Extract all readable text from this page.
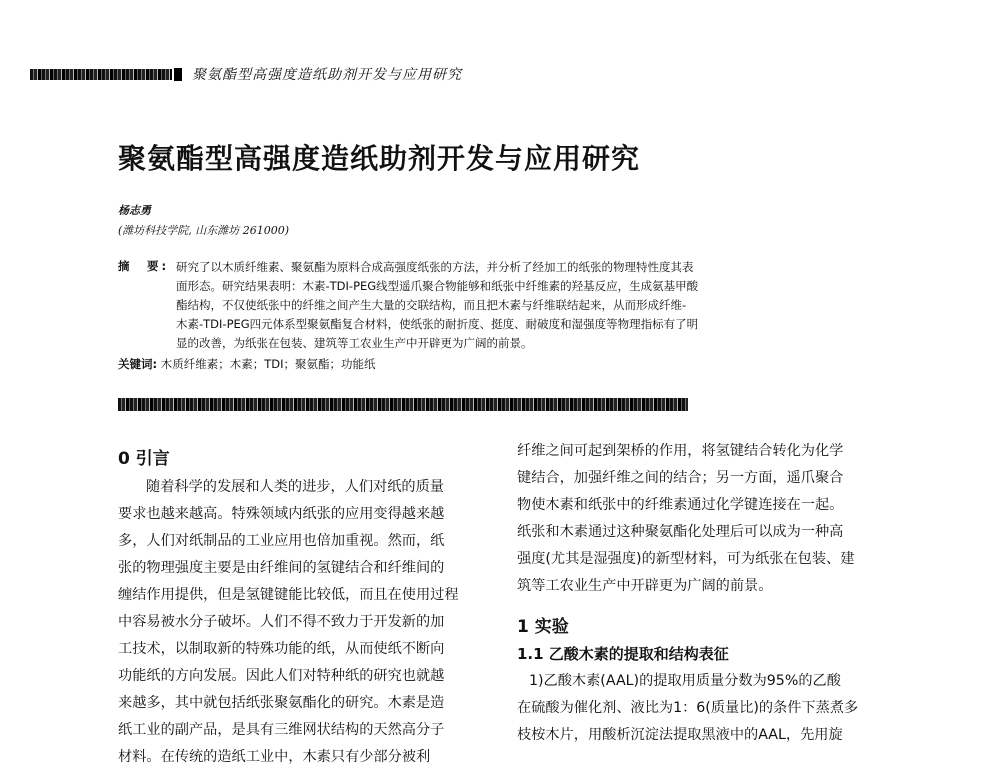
聚氨酯型高强度造纸助剂开发与应用研究
聚氨酯型高强度造纸助剂开发与应用研究
杨志勇
(潍坊科技学院, 山东潍坊 261000)
摘　要: 研究了以木质纤维素、聚氨酯为原料合成高强度纸张的方法，并分析了经加工的纸张的物理特性度其表
面形态。研究结果表明：木素-TDI-PEG线型遥爪聚合物能够和纸张中纤维素的羟基反应，生成氨基甲酸
酯结构，不仅使纸张中的纤维之间产生大量的交联结构，而且把木素与纤维联结起来，从而形成纤维-
木素-TDI-PEG四元体系型聚氨酯复合材料，使纸张的耐折度、挺度、耐破度和湿强度等物理指标有了明
显的改善，为纸张在包装、建筑等工农业生产中开辟更为广阔的前景。
关键词: 木质纤维素；木素；TDI；聚氨酯；功能纸
0 引言
随着科学的发展和人类的进步，人们对纸的质量
要求也越来越高。特殊领域内纸张的应用变得越来越
多，人们对纸制品的工业应用也倍加重视。然而，纸
张的物理强度主要是由纤维间的氢键结合和纤维间的
缠结作用提供，但是氢键键能比较低，而且在使用过程
中容易被水分子破坏。人们不得不致力于开发新的加
工技术，以制取新的特殊功能的纸，从而使纸不断向
功能纸的方向发展。因此人们对特种纸的研究也就越
来越多，其中就包括纸张聚氨酯化的研究。木素是造
纸工业的副产品，是具有三维网状结构的天然高分子
材料。在传统的造纸工业中，木素只有少部分被利
纤维之间可起到架桥的作用，将氢键结合转化为化学
键结合，加强纤维之间的结合；另一方面，遥爪聚合
物使木素和纸张中的纤维素通过化学键连接在一起。
纸张和木素通过这种聚氨酯化处理后可以成为一种高
强度(尤其是湿强度)的新型材料，可为纸张在包装、建
筑等工农业生产中开辟更为广阔的前景。
1 实验
1.1 乙酸木素的提取和结构表征
1)乙酸木素(AAL)的提取用质量分数为95%的乙酸
在硫酸为催化剂、液比为1：6(质量比)的条件下蒸煮多
枝桉木片，用酸析沉淀法提取黑液中的AAL，先用旋
